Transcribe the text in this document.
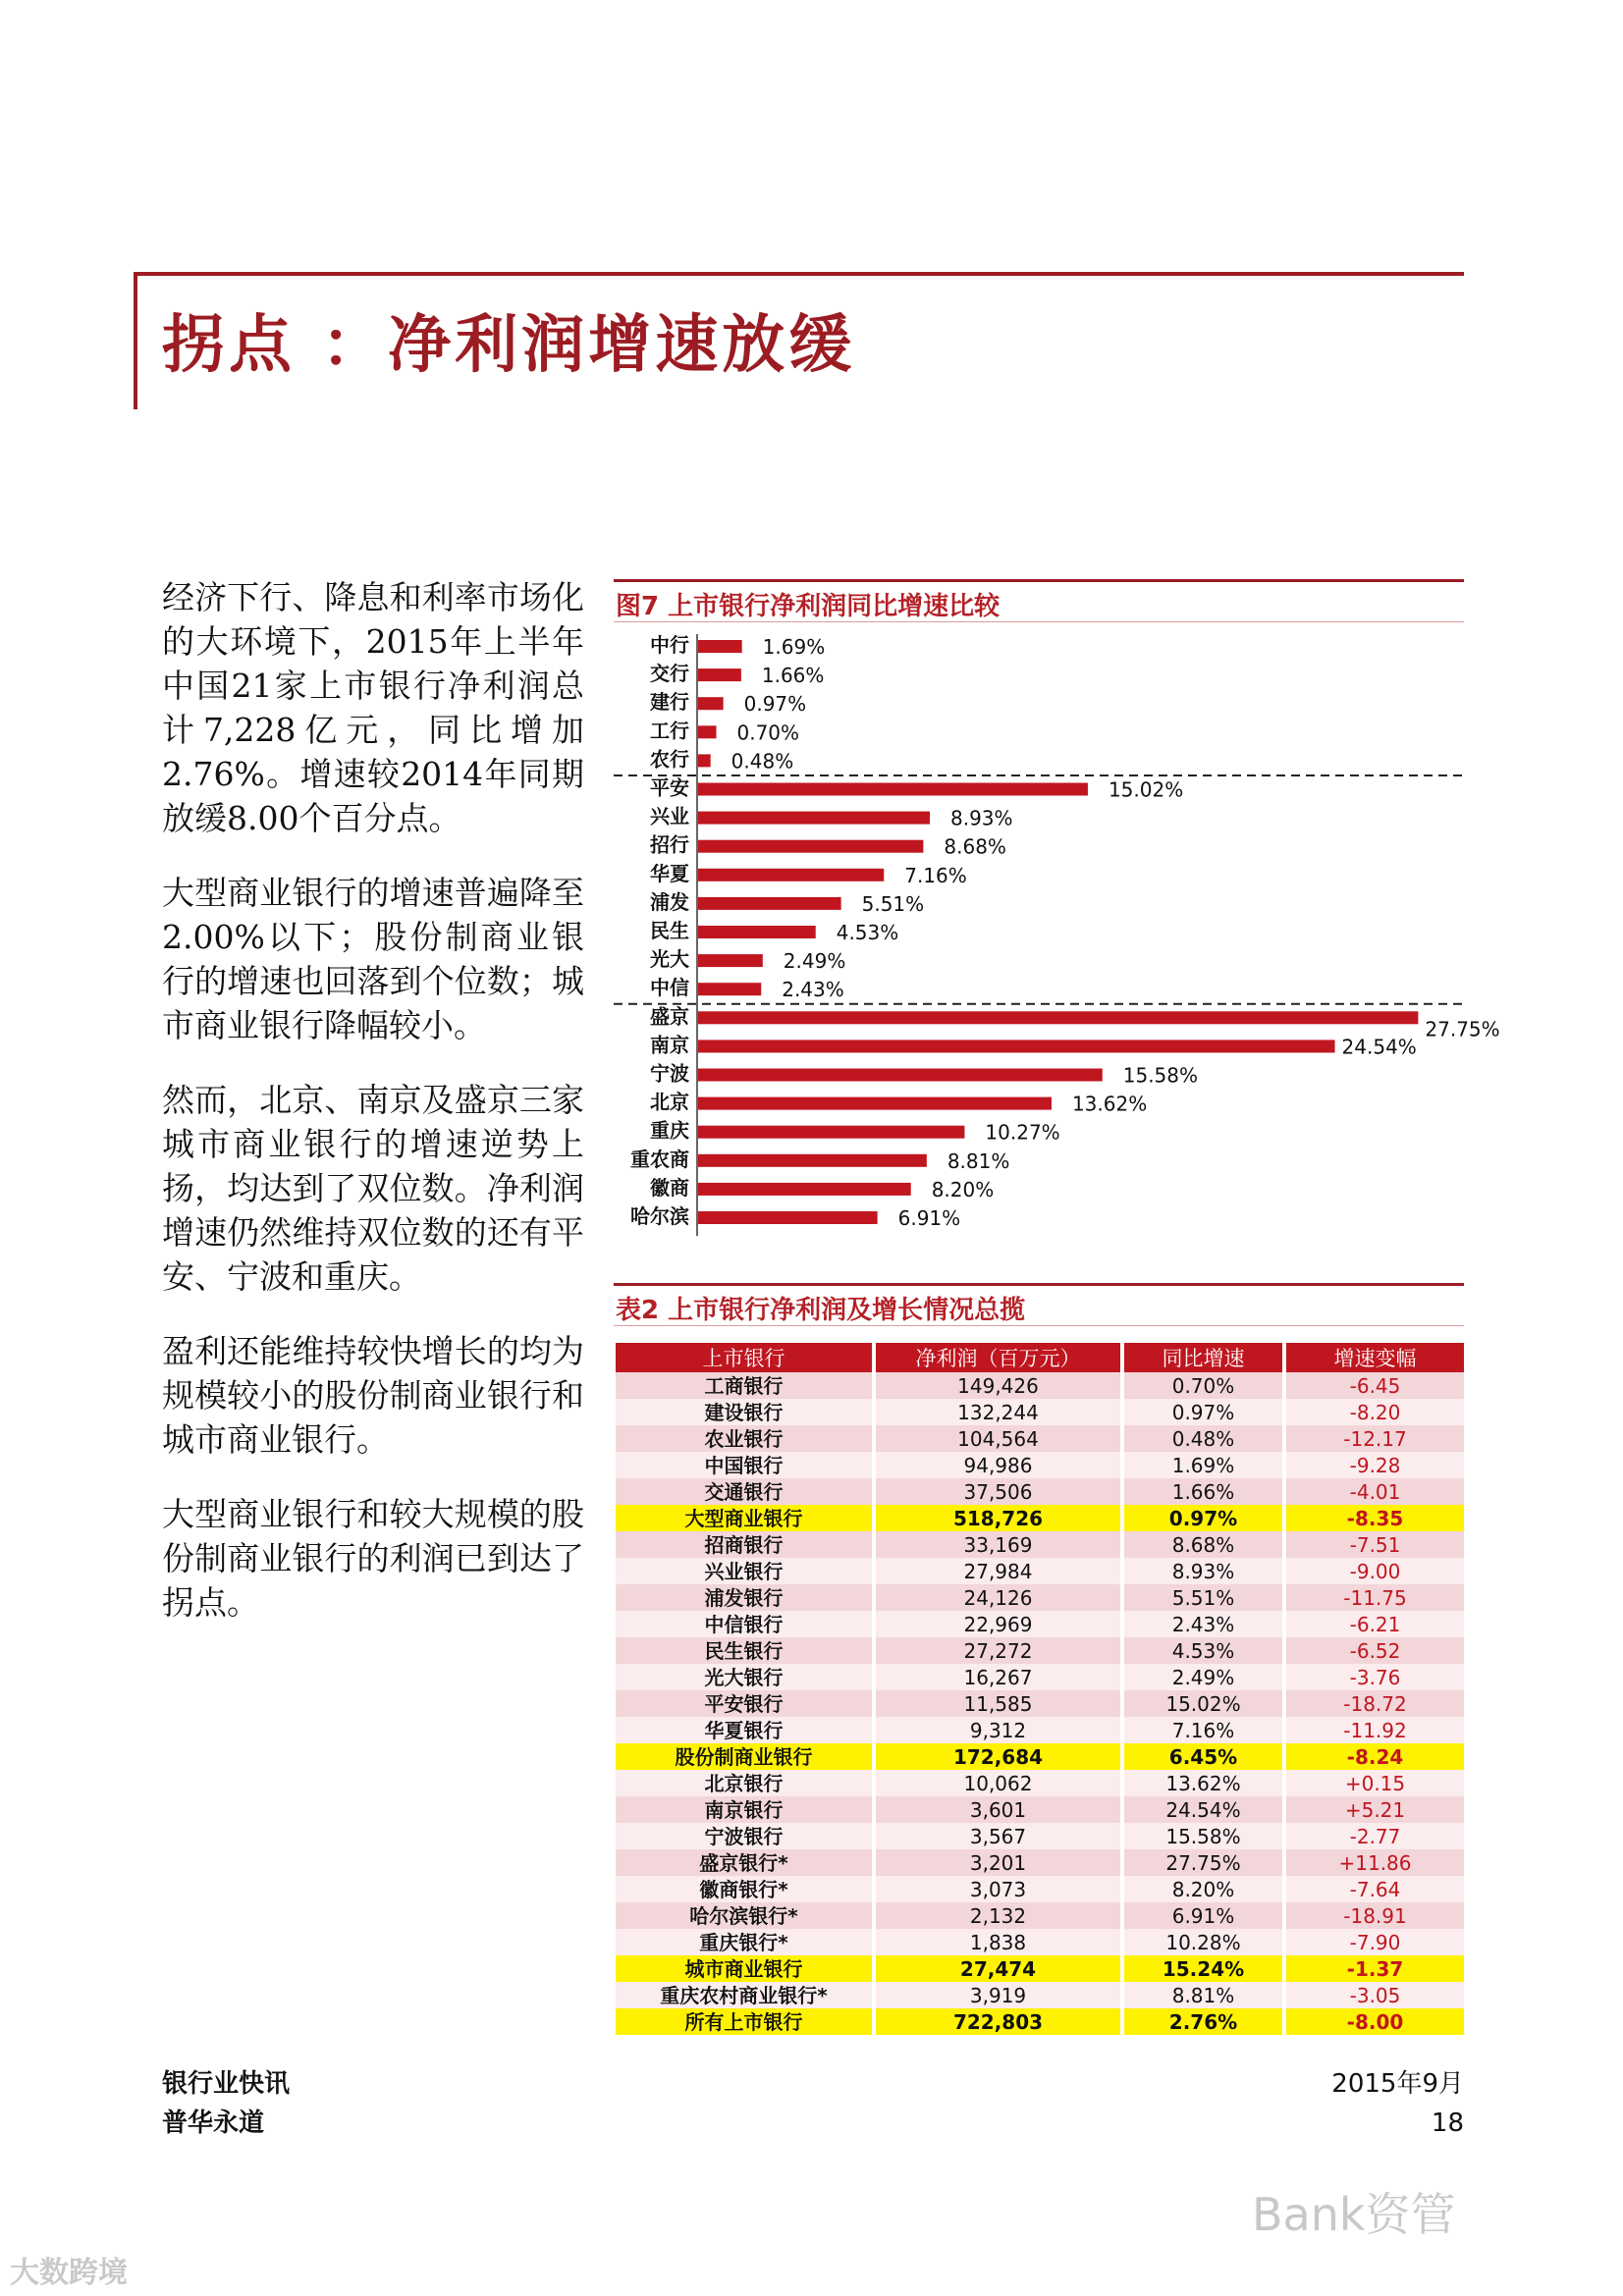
拐点 ：净利润增速放缓

经济下行、降息和利率市场化的大环境下，2015年上半年中国21家上市银行净利润总计7,228亿元，同比增加2.76%。增速较2014年同期放缓8.00个百分点。

大型商业银行的增速普遍降至2.00%以下；股份制商业银行的增速也回落到个位数；城市商业银行降幅较小。

然而，北京、南京及盛京三家城市商业银行的增速逆势上扬，均达到了双位数。净利润增速仍然维持双位数的还有平安、宁波和重庆。

盈利还能维持较快增长的均为规模较小的股份制商业银行和城市商业银行。

大型商业银行和较大规模的股份制商业银行的利润已到达了拐点。

图7 上市银行净利润同比增速比较
中行	1.69%
交行	1.66%
建行	0.97%
工行 0.70%
农行 0.48%
平安	15.02%
兴业	8.93%
招行	8.68%
华夏	7.16%
浦发	5.51%
民生	4.53%
光大	2.49%
中信	2.43%
盛京
27.75%
南京	24.54%
宁波	15.58%
北京	13.62%
重庆	10.27%
重农商	8.81%
徽商	8.20%
哈尔滨	6.91%
表2 上市银行净利润及增长情况总揽
上市银行	净利润（百万元）	同比增速	增速变幅
工商银行	149,426	0.70%	-6.45
建设银行	132,244	0.97%	-8.20
农业银行	104,564	0.48%	-12.17
中国银行	94,986	1.69%	-9.28
交通银行	37,506	1.66%	-4.01
大型商业银行	518,726	0.97%	-8.35
招商银行	33,169	8.68%	-7.51
兴业银行	27,984	8.93%	-9.00
浦发银行	24,126	5.51%	-11.75
中信银行	22,969	2.43%	-6.21
民生银行	27,272	4.53%	-6.52
光大银行	16,267	2.49%	-3.76
平安银行	11,585	15.02%	-18.72
华夏银行	9,312	7.16%	-11.92
股份制商业银行	172,684	6.45%	-8.24
北京银行	10,062	13.62%	+0.15
南京银行	3,601	24.54%	+5.21
宁波银行	3,567	15.58%	-2.77
盛京银行*	3,201	27.75%	+11.86
徽商银行*	3,073	8.20%	-7.64
哈尔滨银行*	2,132	6.91%	-18.91
重庆银行*	1,838	10.28%	-7.90
城市商业银行	27,474	15.24%	-1.37
重庆农村商业银行*	3,919	8.81%	-3.05
所有上市银行	722,803	2.76%	-8.00
银行业快讯
普华永道
2015年9月
18
Bank资管
大数跨境
